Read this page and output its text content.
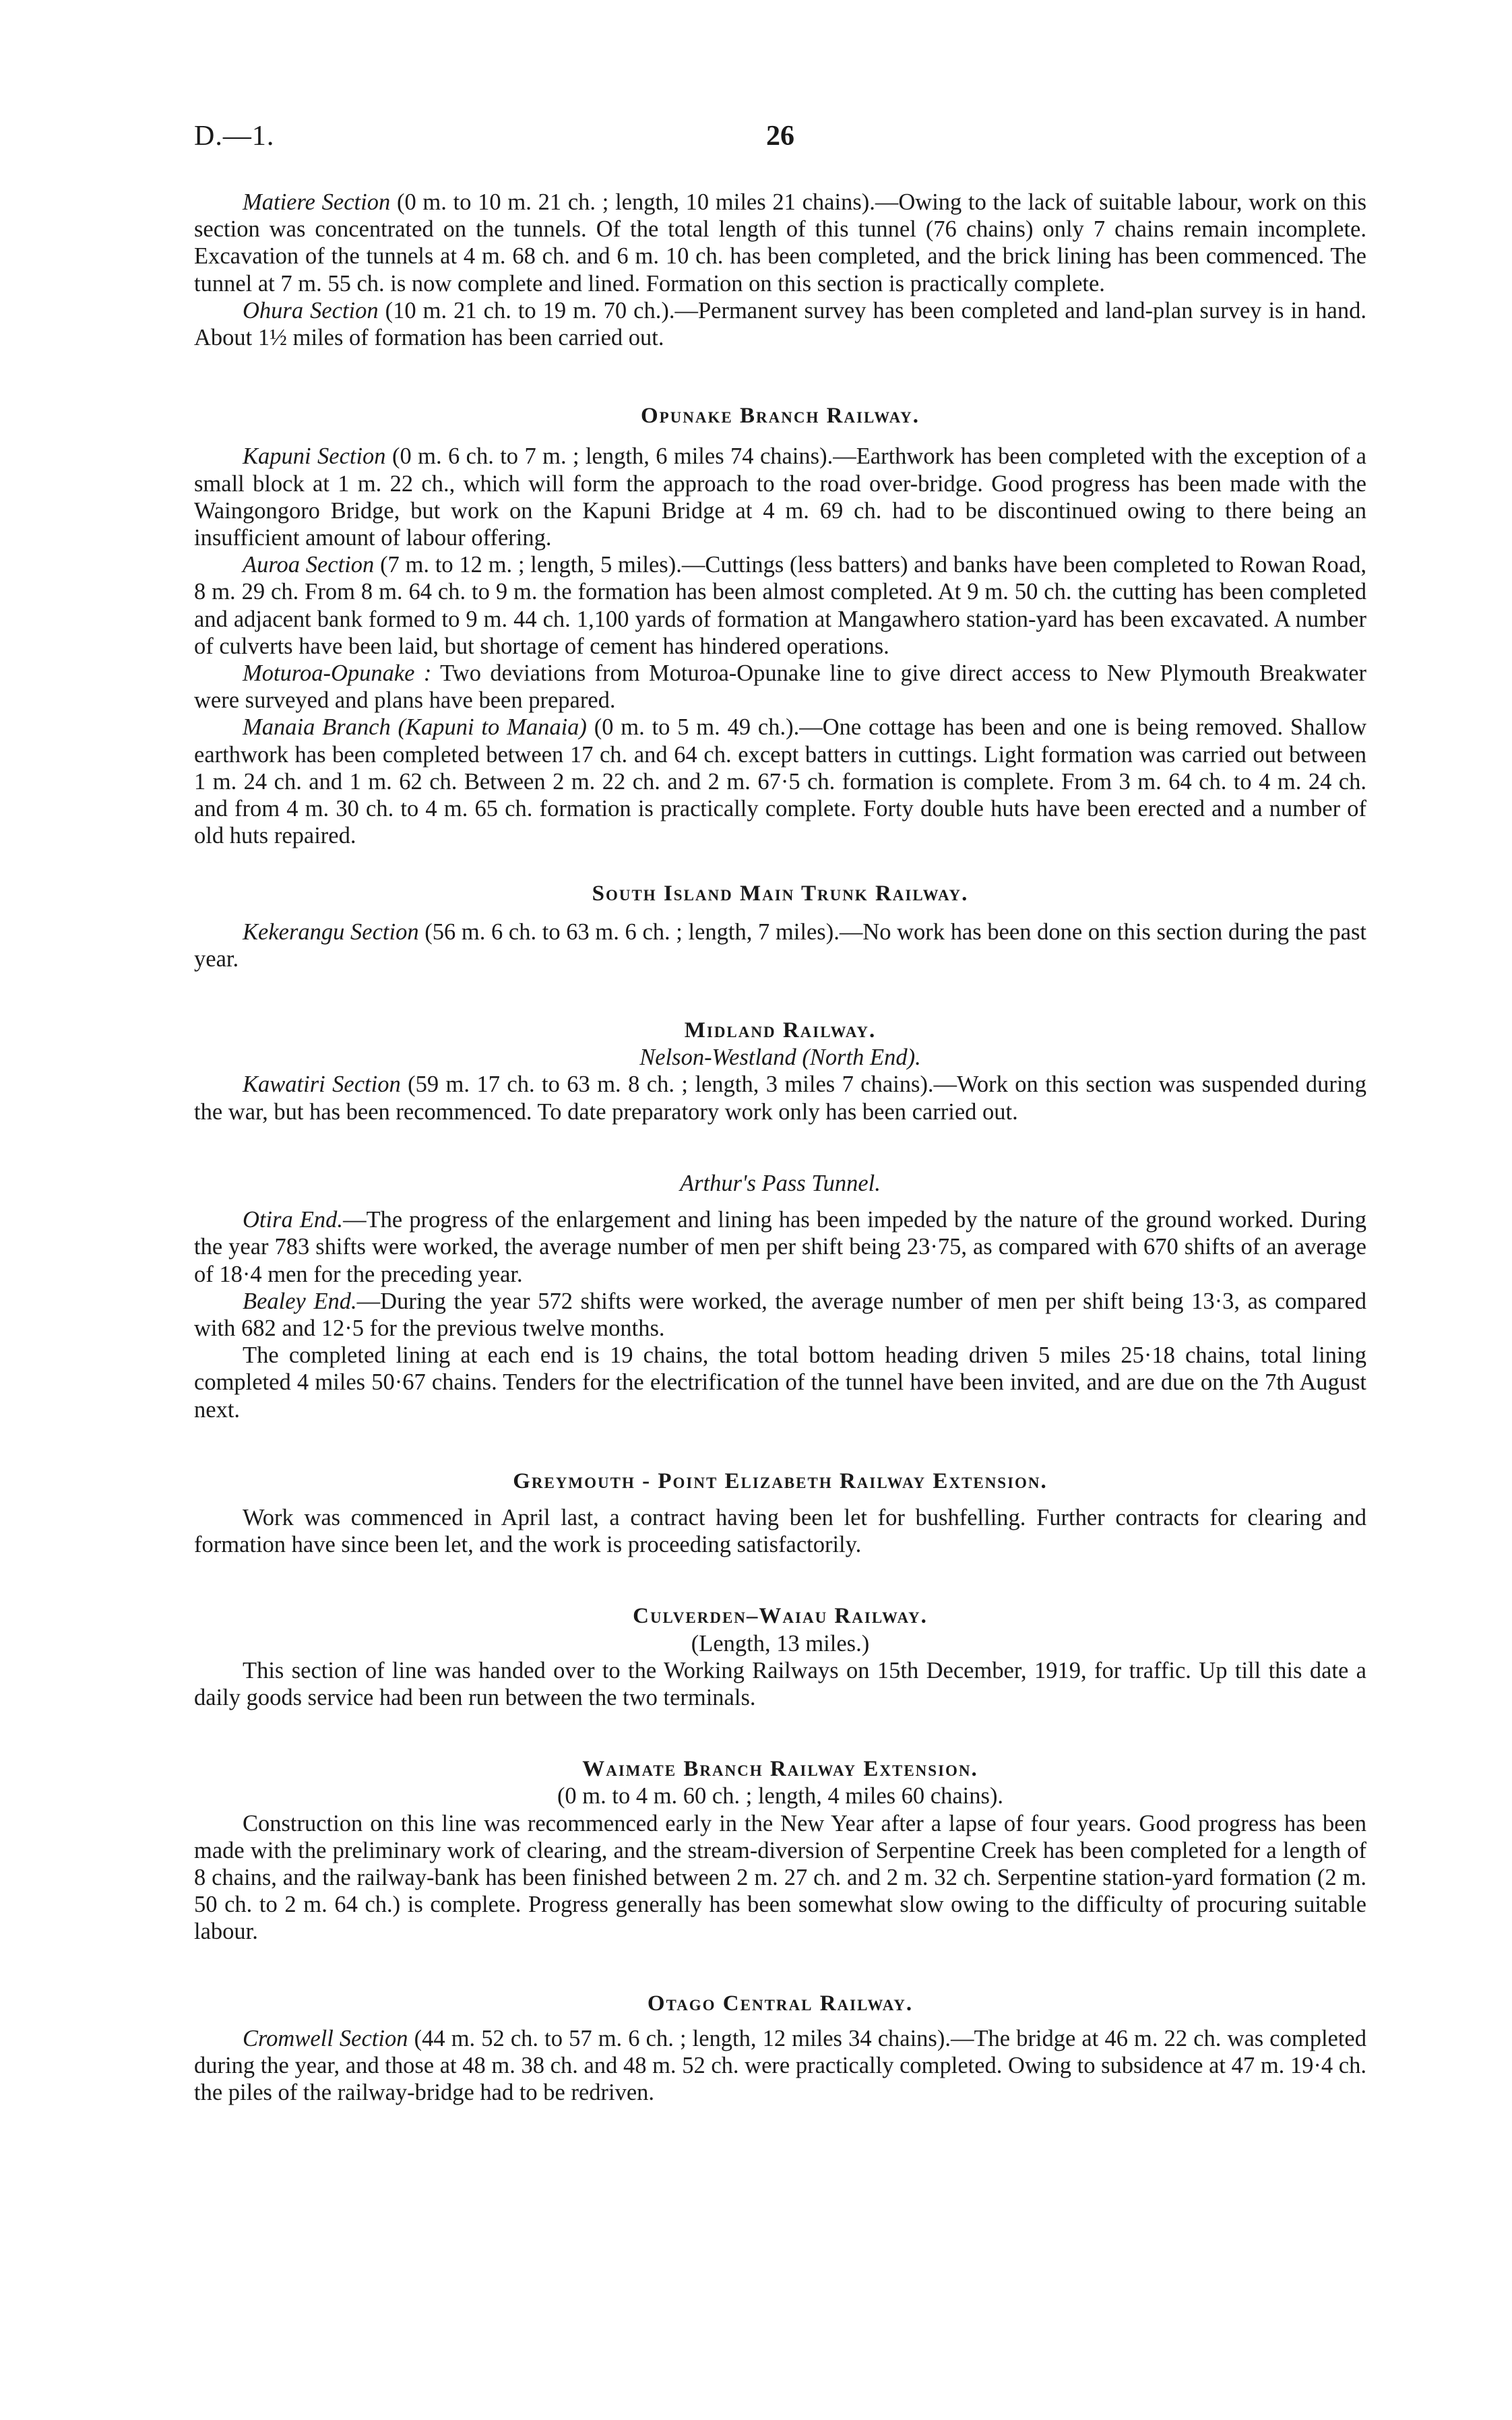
D.—1.	26

Matiere Section (0 m. to 10 m. 21 ch. ; length, 10 miles 21 chains).—Owing to the lack of suitable labour, work on this section was concentrated on the tunnels. Of the total length of this tunnel (76 chains) only 7 chains remain incomplete. Excavation of the tunnels at 4 m. 68 ch. and 6 m. 10 ch. has been completed, and the brick lining has been commenced. The tunnel at 7 m. 55 ch. is now complete and lined. Formation on this section is practically complete.

Ohura Section (10 m. 21 ch. to 19 m. 70 ch.).—Permanent survey has been completed and land-plan survey is in hand. About 1½ miles of formation has been carried out.

Opunake Branch Railway.

Kapuni Section (0 m. 6 ch. to 7 m. ; length, 6 miles 74 chains).—Earthwork has been completed with the exception of a small block at 1 m. 22 ch., which will form the approach to the road over-bridge. Good progress has been made with the Waingongoro Bridge, but work on the Kapuni Bridge at 4 m. 69 ch. had to be discontinued owing to there being an insufficient amount of labour offering.

Auroa Section (7 m. to 12 m. ; length, 5 miles).—Cuttings (less batters) and banks have been completed to Rowan Road, 8 m. 29 ch. From 8 m. 64 ch. to 9 m. the formation has been almost completed. At 9 m. 50 ch. the cutting has been completed and adjacent bank formed to 9 m. 44 ch. 1,100 yards of formation at Mangawhero station-yard has been excavated. A number of culverts have been laid, but shortage of cement has hindered operations.

Moturoa-Opunake : Two deviations from Moturoa-Opunake line to give direct access to New Plymouth Breakwater were surveyed and plans have been prepared.

Manaia Branch (Kapuni to Manaia) (0 m. to 5 m. 49 ch.).—One cottage has been and one is being removed. Shallow earthwork has been completed between 17 ch. and 64 ch. except batters in cuttings. Light formation was carried out between 1 m. 24 ch. and 1 m. 62 ch. Between 2 m. 22 ch. and 2 m. 67·5 ch. formation is complete. From 3 m. 64 ch. to 4 m. 24 ch. and from 4 m. 30 ch. to 4 m. 65 ch. formation is practically complete. Forty double huts have been erected and a number of old huts repaired.

South Island Main Trunk Railway.

Kekerangu Section (56 m. 6 ch. to 63 m. 6 ch. ; length, 7 miles).—No work has been done on this section during the past year.

Midland Railway.
Nelson-Westland (North End).

Kawatiri Section (59 m. 17 ch. to 63 m. 8 ch. ; length, 3 miles 7 chains).—Work on this section was suspended during the war, but has been recommenced. To date preparatory work only has been carried out.

Arthur's Pass Tunnel.

Otira End.—The progress of the enlargement and lining has been impeded by the nature of the ground worked. During the year 783 shifts were worked, the average number of men per shift being 23·75, as compared with 670 shifts of an average of 18·4 men for the preceding year.

Bealey End.—During the year 572 shifts were worked, the average number of men per shift being 13·3, as compared with 682 and 12·5 for the previous twelve months.

The completed lining at each end is 19 chains, the total bottom heading driven 5 miles 25·18 chains, total lining completed 4 miles 50·67 chains. Tenders for the electrification of the tunnel have been invited, and are due on the 7th August next.

Greymouth - Point Elizabeth Railway Extension.

Work was commenced in April last, a contract having been let for bushfelling. Further contracts for clearing and formation have since been let, and the work is proceeding satisfactorily.

Culverden–Waiau Railway.
(Length, 13 miles.)

This section of line was handed over to the Working Railways on 15th December, 1919, for traffic. Up till this date a daily goods service had been run between the two terminals.

Waimate Branch Railway Extension.
(0 m. to 4 m. 60 ch. ; length, 4 miles 60 chains).

Construction on this line was recommenced early in the New Year after a lapse of four years. Good progress has been made with the preliminary work of clearing, and the stream-diversion of Serpentine Creek has been completed for a length of 8 chains, and the railway-bank has been finished between 2 m. 27 ch. and 2 m. 32 ch. Serpentine station-yard formation (2 m. 50 ch. to 2 m. 64 ch.) is complete. Progress generally has been somewhat slow owing to the difficulty of procuring suitable labour.

Otago Central Railway.

Cromwell Section (44 m. 52 ch. to 57 m. 6 ch. ; length, 12 miles 34 chains).—The bridge at 46 m. 22 ch. was completed during the year, and those at 48 m. 38 ch. and 48 m. 52 ch. were practically completed. Owing to subsidence at 47 m. 19·4 ch. the piles of the railway-bridge had to be redriven.
